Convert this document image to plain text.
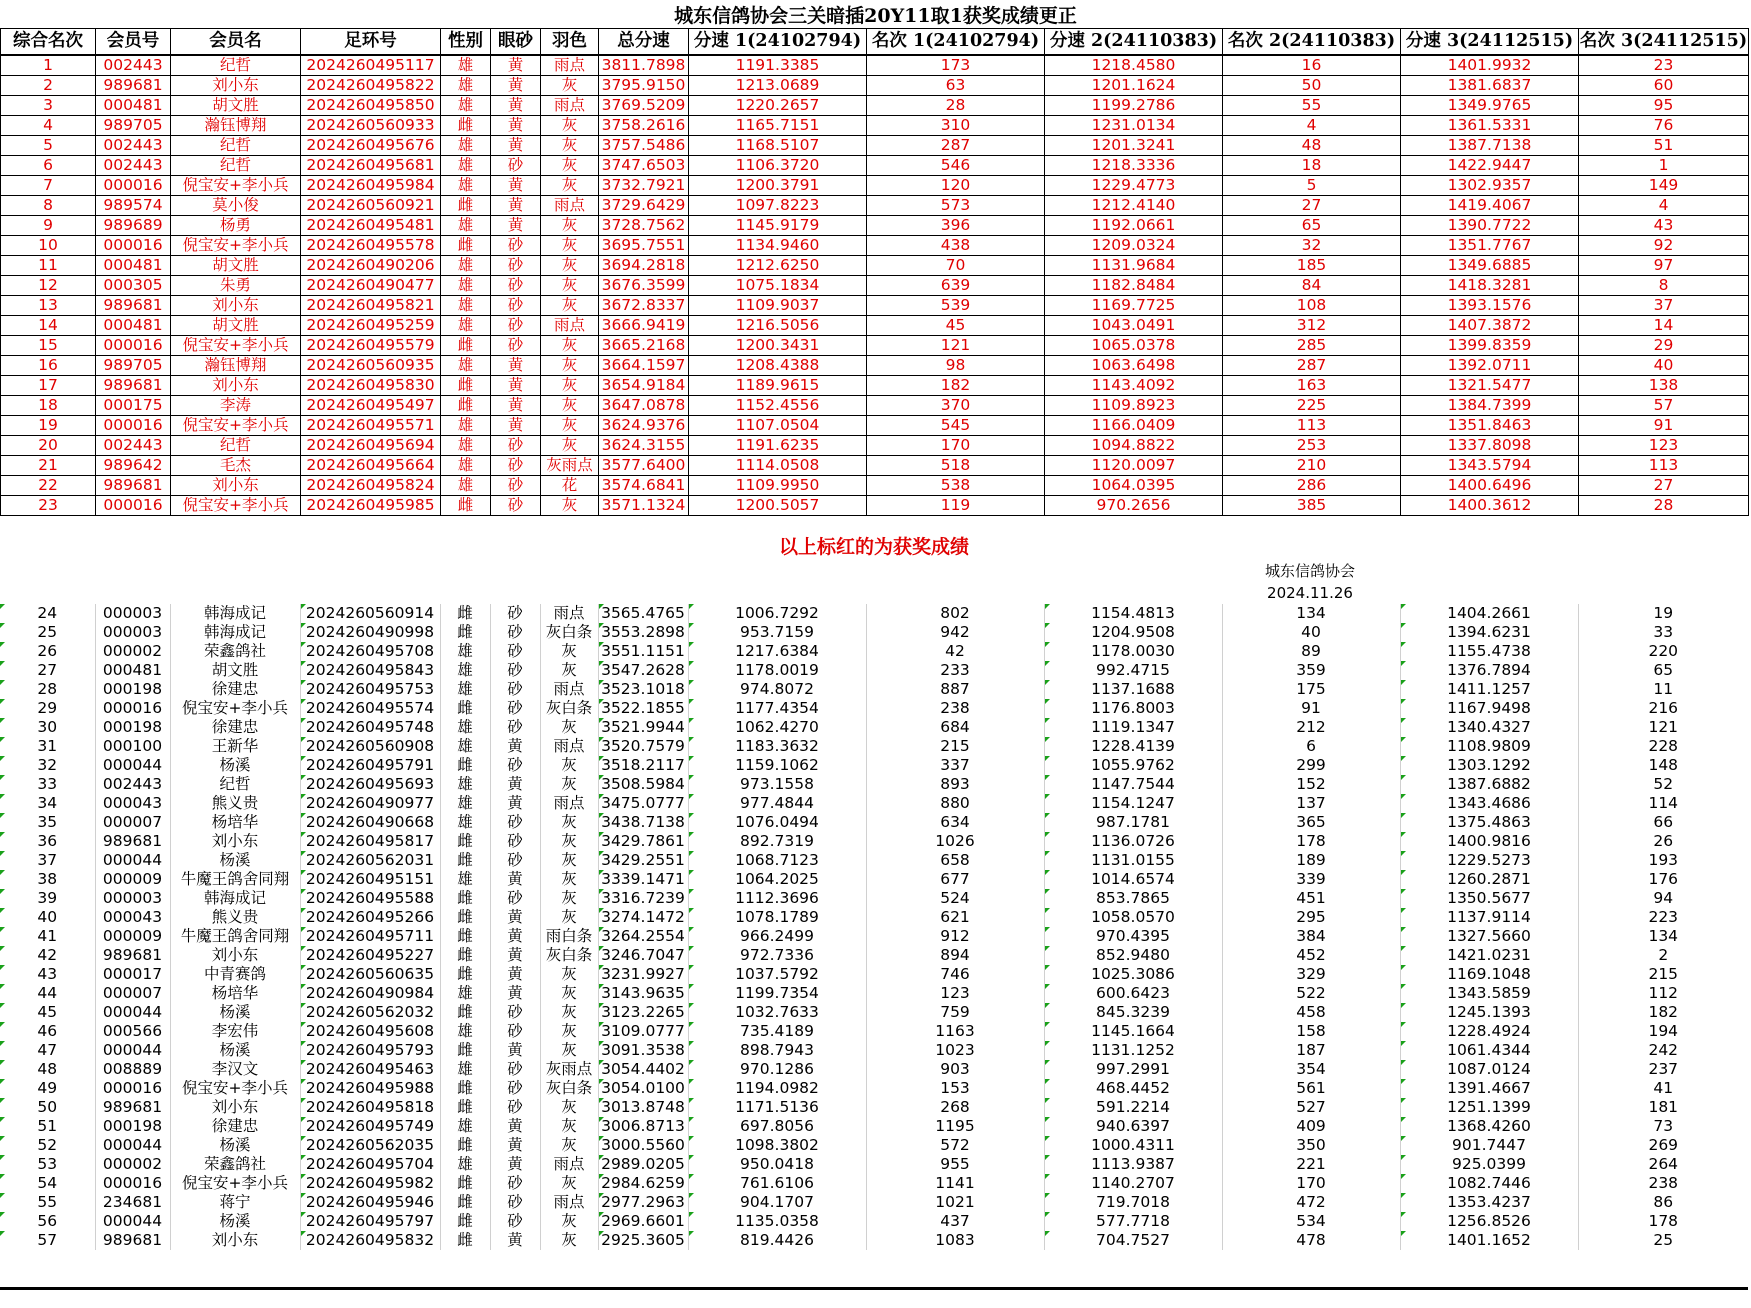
城东信鸽协会三关暗插20Y11取1获奖成绩更正
综合名次	会员号	会员名	足环号	性别	眼砂	羽色	总分速	分速 1(24102794)	名次 1(24102794)	分速 2(24110383)	名次 2(24110383)	分速 3(24112515)	名次 3(24112515)
1	002443	纪哲	2024260495117	雄	黄	雨点	3811.7898	1191.3385	173	1218.4580	16	1401.9932	23
2	989681	刘小东	2024260495822	雄	黄	灰	3795.9150	1213.0689	63	1201.1624	50	1381.6837	60
3	000481	胡文胜	2024260495850	雄	黄	雨点	3769.5209	1220.2657	28	1199.2786	55	1349.9765	95
4	989705	瀚钰博翔	2024260560933	雌	黄	灰	3758.2616	1165.7151	310	1231.0134	4	1361.5331	76
5	002443	纪哲	2024260495676	雄	黄	灰	3757.5486	1168.5107	287	1201.3241	48	1387.7138	51
6	002443	纪哲	2024260495681	雄	砂	灰	3747.6503	1106.3720	546	1218.3336	18	1422.9447	1
7	000016	倪宝安+李小兵	2024260495984	雄	黄	灰	3732.7921	1200.3791	120	1229.4773	5	1302.9357	149
8	989574	莫小俊	2024260560921	雌	黄	雨点	3729.6429	1097.8223	573	1212.4140	27	1419.4067	4
9	989689	杨勇	2024260495481	雄	黄	灰	3728.7562	1145.9179	396	1192.0661	65	1390.7722	43
10	000016	倪宝安+李小兵	2024260495578	雌	砂	灰	3695.7551	1134.9460	438	1209.0324	32	1351.7767	92
11	000481	胡文胜	2024260490206	雄	砂	灰	3694.2818	1212.6250	70	1131.9684	185	1349.6885	97
12	000305	朱勇	2024260490477	雄	砂	灰	3676.3599	1075.1834	639	1182.8484	84	1418.3281	8
13	989681	刘小东	2024260495821	雄	砂	灰	3672.8337	1109.9037	539	1169.7725	108	1393.1576	37
14	000481	胡文胜	2024260495259	雄	砂	雨点	3666.9419	1216.5056	45	1043.0491	312	1407.3872	14
15	000016	倪宝安+李小兵	2024260495579	雌	砂	灰	3665.2168	1200.3431	121	1065.0378	285	1399.8359	29
16	989705	瀚钰博翔	2024260560935	雄	黄	灰	3664.1597	1208.4388	98	1063.6498	287	1392.0711	40
17	989681	刘小东	2024260495830	雌	黄	灰	3654.9184	1189.9615	182	1143.4092	163	1321.5477	138
18	000175	李涛	2024260495497	雌	黄	灰	3647.0878	1152.4556	370	1109.8923	225	1384.7399	57
19	000016	倪宝安+李小兵	2024260495571	雄	黄	灰	3624.9376	1107.0504	545	1166.0409	113	1351.8463	91
20	002443	纪哲	2024260495694	雄	砂	灰	3624.3155	1191.6235	170	1094.8822	253	1337.8098	123
21	989642	毛杰	2024260495664	雄	砂	灰雨点	3577.6400	1114.0508	518	1120.0097	210	1343.5794	113
22	989681	刘小东	2024260495824	雄	砂	花	3574.6841	1109.9950	538	1064.0395	286	1400.6496	27
23	000016	倪宝安+李小兵	2024260495985	雌	砂	灰	3571.1324	1200.5057	119	970.2656	385	1400.3612	28
以上标红的为获奖成绩
城东信鸽协会
2024.11.26
24	000003	韩海成记	2024260560914	雌	砂	雨点	3565.4765	1006.7292	802	1154.4813	134	1404.2661	19
25	000003	韩海成记	2024260490998	雌	砂	灰白条	3553.2898	953.7159	942	1204.9508	40	1394.6231	33
26	000002	荣鑫鸽社	2024260495708	雄	砂	灰	3551.1151	1217.6384	42	1178.0030	89	1155.4738	220
27	000481	胡文胜	2024260495843	雄	砂	灰	3547.2628	1178.0019	233	992.4715	359	1376.7894	65
28	000198	徐建忠	2024260495753	雄	砂	雨点	3523.1018	974.8072	887	1137.1688	175	1411.1257	11
29	000016	倪宝安+李小兵	2024260495574	雌	砂	灰白条	3522.1855	1177.4354	238	1176.8003	91	1167.9498	216
30	000198	徐建忠	2024260495748	雄	砂	灰	3521.9944	1062.4270	684	1119.1347	212	1340.4327	121
31	000100	王新华	2024260560908	雄	黄	雨点	3520.7579	1183.3632	215	1228.4139	6	1108.9809	228
32	000044	杨溪	2024260495791	雌	砂	灰	3518.2117	1159.1062	337	1055.9762	299	1303.1292	148
33	002443	纪哲	2024260495693	雄	黄	灰	3508.5984	973.1558	893	1147.7544	152	1387.6882	52
34	000043	熊义贵	2024260490977	雄	黄	雨点	3475.0777	977.4844	880	1154.1247	137	1343.4686	114
35	000007	杨培华	2024260490668	雄	砂	灰	3438.7138	1076.0494	634	987.1781	365	1375.4863	66
36	989681	刘小东	2024260495817	雌	砂	灰	3429.7861	892.7319	1026	1136.0726	178	1400.9816	26
37	000044	杨溪	2024260562031	雌	砂	灰	3429.2551	1068.7123	658	1131.0155	189	1229.5273	193
38	000009	牛魔王鸽舍同翔	2024260495151	雄	黄	灰	3339.1471	1064.2025	677	1014.6574	339	1260.2871	176
39	000003	韩海成记	2024260495588	雌	砂	灰	3316.7239	1112.3696	524	853.7865	451	1350.5677	94
40	000043	熊义贵	2024260495266	雌	黄	灰	3274.1472	1078.1789	621	1058.0570	295	1137.9114	223
41	000009	牛魔王鸽舍同翔	2024260495711	雌	黄	雨白条	3264.2554	966.2499	912	970.4395	384	1327.5660	134
42	989681	刘小东	2024260495227	雌	黄	灰白条	3246.7047	972.7336	894	852.9480	452	1421.0231	2
43	000017	中青赛鸽	2024260560635	雌	黄	灰	3231.9927	1037.5792	746	1025.3086	329	1169.1048	215
44	000007	杨培华	2024260490984	雄	黄	灰	3143.9635	1199.7354	123	600.6423	522	1343.5859	112
45	000044	杨溪	2024260562032	雌	砂	灰	3123.2265	1032.7633	759	845.3239	458	1245.1393	182
46	000566	李宏伟	2024260495608	雄	砂	灰	3109.0777	735.4189	1163	1145.1664	158	1228.4924	194
47	000044	杨溪	2024260495793	雌	黄	灰	3091.3538	898.7943	1023	1131.1252	187	1061.4344	242
48	008889	李汉文	2024260495463	雄	砂	灰雨点	3054.4402	970.1286	903	997.2991	354	1087.0124	237
49	000016	倪宝安+李小兵	2024260495988	雌	砂	灰白条	3054.0100	1194.0982	153	468.4452	561	1391.4667	41
50	989681	刘小东	2024260495818	雌	砂	灰	3013.8748	1171.5136	268	591.2214	527	1251.1399	181
51	000198	徐建忠	2024260495749	雄	黄	灰	3006.8713	697.8056	1195	940.6397	409	1368.4260	73
52	000044	杨溪	2024260562035	雌	黄	灰	3000.5560	1098.3802	572	1000.4311	350	901.7447	269
53	000002	荣鑫鸽社	2024260495704	雄	黄	雨点	2989.0205	950.0418	955	1113.9387	221	925.0399	264
54	000016	倪宝安+李小兵	2024260495982	雌	砂	灰	2984.6259	761.6106	1141	1140.2707	170	1082.7446	238
55	234681	蒋宁	2024260495946	雌	砂	雨点	2977.2963	904.1707	1021	719.7018	472	1353.4237	86
56	000044	杨溪	2024260495797	雌	砂	灰	2969.6601	1135.0358	437	577.7718	534	1256.8526	178
57	989681	刘小东	2024260495832	雌	黄	灰	2925.3605	819.4426	1083	704.7527	478	1401.1652	25
